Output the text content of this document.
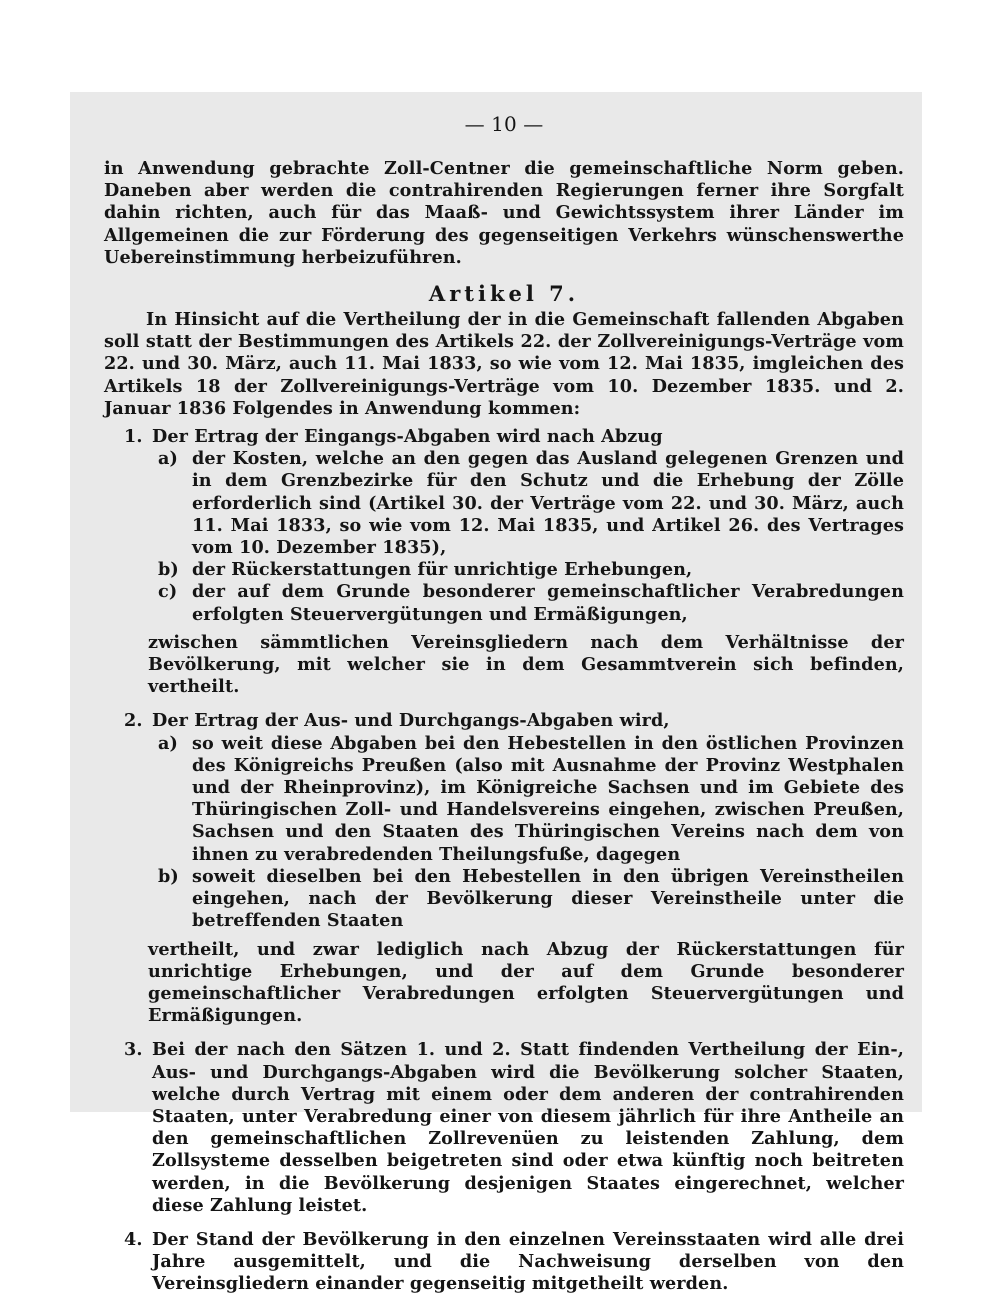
— 10 —

in Anwendung gebrachte Zoll-Centner die gemeinschaftliche Norm geben. Daneben aber werden die contrahirenden Regierungen ferner ihre Sorgfalt dahin richten, auch für das Maaß- und Gewichtssystem ihrer Länder im Allgemeinen die zur Förderung des gegenseitigen Verkehrs wünschenswerthe Uebereinstimmung herbeizuführen.

Artikel 7.

In Hinsicht auf die Vertheilung der in die Gemeinschaft fallenden Abgaben soll statt der Bestimmungen des Artikels 22. der Zollvereinigungs-Verträge vom 22. und 30. März, auch 11. Mai 1833, so wie vom 12. Mai 1835, imgleichen des Artikels 18 der Zollvereinigungs-Verträge vom 10. Dezember 1835. und 2. Januar 1836 Folgendes in Anwendung kommen:

1. Der Ertrag der Eingangs-Abgaben wird nach Abzug
a) der Kosten, welche an den gegen das Ausland gelegenen Grenzen und in dem Grenzbezirke für den Schutz und die Erhebung der Zölle erforderlich sind (Artikel 30. der Verträge vom 22. und 30. März, auch 11. Mai 1833, so wie vom 12. Mai 1835, und Artikel 26. des Vertrages vom 10. Dezember 1835),
b) der Rückerstattungen für unrichtige Erhebungen,
c) der auf dem Grunde besonderer gemeinschaftlicher Verabredungen erfolgten Steuervergütungen und Ermäßigungen,

zwischen sämmtlichen Vereinsgliedern nach dem Verhältnisse der Bevölkerung, mit welcher sie in dem Gesammtverein sich befinden, vertheilt.

2. Der Ertrag der Aus- und Durchgangs-Abgaben wird,
a) so weit diese Abgaben bei den Hebestellen in den östlichen Provinzen des Königreichs Preußen (also mit Ausnahme der Provinz Westphalen und der Rheinprovinz), im Königreiche Sachsen und im Gebiete des Thüringischen Zoll- und Handelsvereins eingehen, zwischen Preußen, Sachsen und den Staaten des Thüringischen Vereins nach dem von ihnen zu verabredenden Theilungsfuße, dagegen
b) soweit dieselben bei den Hebestellen in den übrigen Vereinstheilen eingehen, nach der Bevölkerung dieser Vereinstheile unter die betreffenden Staaten

vertheilt, und zwar lediglich nach Abzug der Rückerstattungen für unrichtige Erhebungen, und der auf dem Grunde besonderer gemeinschaftlicher Verabredungen erfolgten Steuervergütungen und Ermäßigungen.

3. Bei der nach den Sätzen 1. und 2. Statt findenden Vertheilung der Ein-, Aus- und Durchgangs-Abgaben wird die Bevölkerung solcher Staaten, welche durch Vertrag mit einem oder dem anderen der contrahirenden Staaten, unter Verabredung einer von diesem jährlich für ihre Antheile an den gemeinschaftlichen Zollrevenüen zu leistenden Zahlung, dem Zollsysteme desselben beigetreten sind oder etwa künftig noch beitreten werden, in die Bevölkerung desjenigen Staates eingerechnet, welcher diese Zahlung leistet.
4. Der Stand der Bevölkerung in den einzelnen Vereinsstaaten wird alle drei Jahre ausgemittelt, und die Nachweisung derselben von den Vereinsgliedern einander gegenseitig mitgetheilt werden.
